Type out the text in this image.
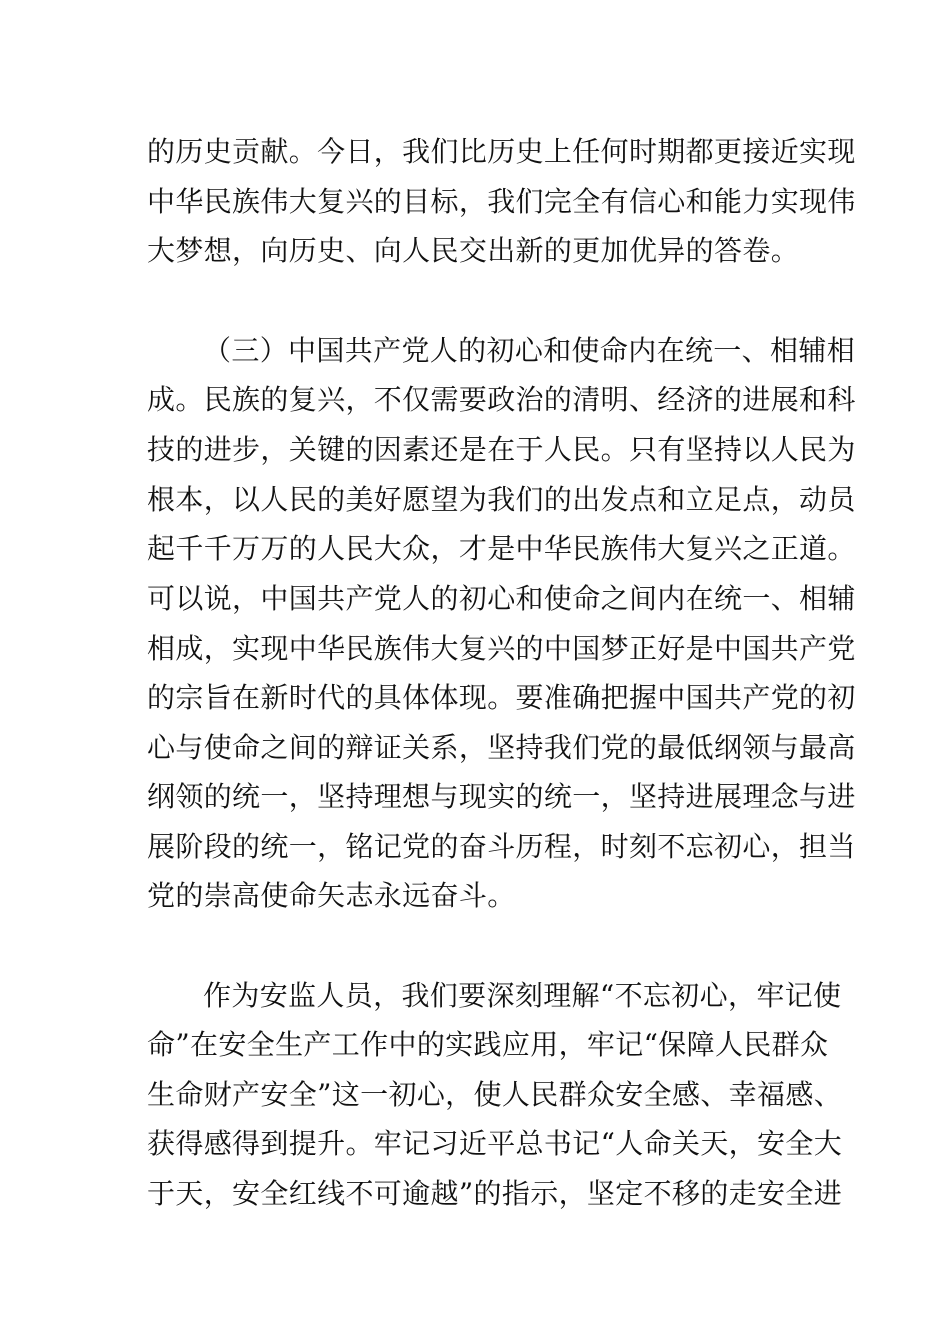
的历史贡献。今日，我们比历史上任何时期都更接近实现
中华民族伟大复兴的目标，我们完全有信心和能力实现伟
大梦想，向历史、向人民交出新的更加优异的答卷。
（三）中国共产党人的初心和使命内在统一、相辅相
成。民族的复兴，不仅需要政治的清明、经济的进展和科
技的进步，关键的因素还是在于人民。只有坚持以人民为
根本，以人民的美好愿望为我们的出发点和立足点，动员
起千千万万的人民大众，才是中华民族伟大复兴之正道。
可以说，中国共产党人的初心和使命之间内在统一、相辅
相成，实现中华民族伟大复兴的中国梦正好是中国共产党
的宗旨在新时代的具体体现。要准确把握中国共产党的初
心与使命之间的辩证关系，坚持我们党的最低纲领与最高
纲领的统一，坚持理想与现实的统一，坚持进展理念与进
展阶段的统一，铭记党的奋斗历程，时刻不忘初心，担当
党的崇高使命矢志永远奋斗。
作为安监人员，我们要深刻理解“不忘初心，牢记使
命”在安全生产工作中的实践应用，牢记“保障人民群众
生命财产安全”这一初心，使人民群众安全感、幸福感、
获得感得到提升。牢记习近平总书记“人命关天，安全大
于天，安全红线不可逾越”的指示，坚定不移的走安全进
